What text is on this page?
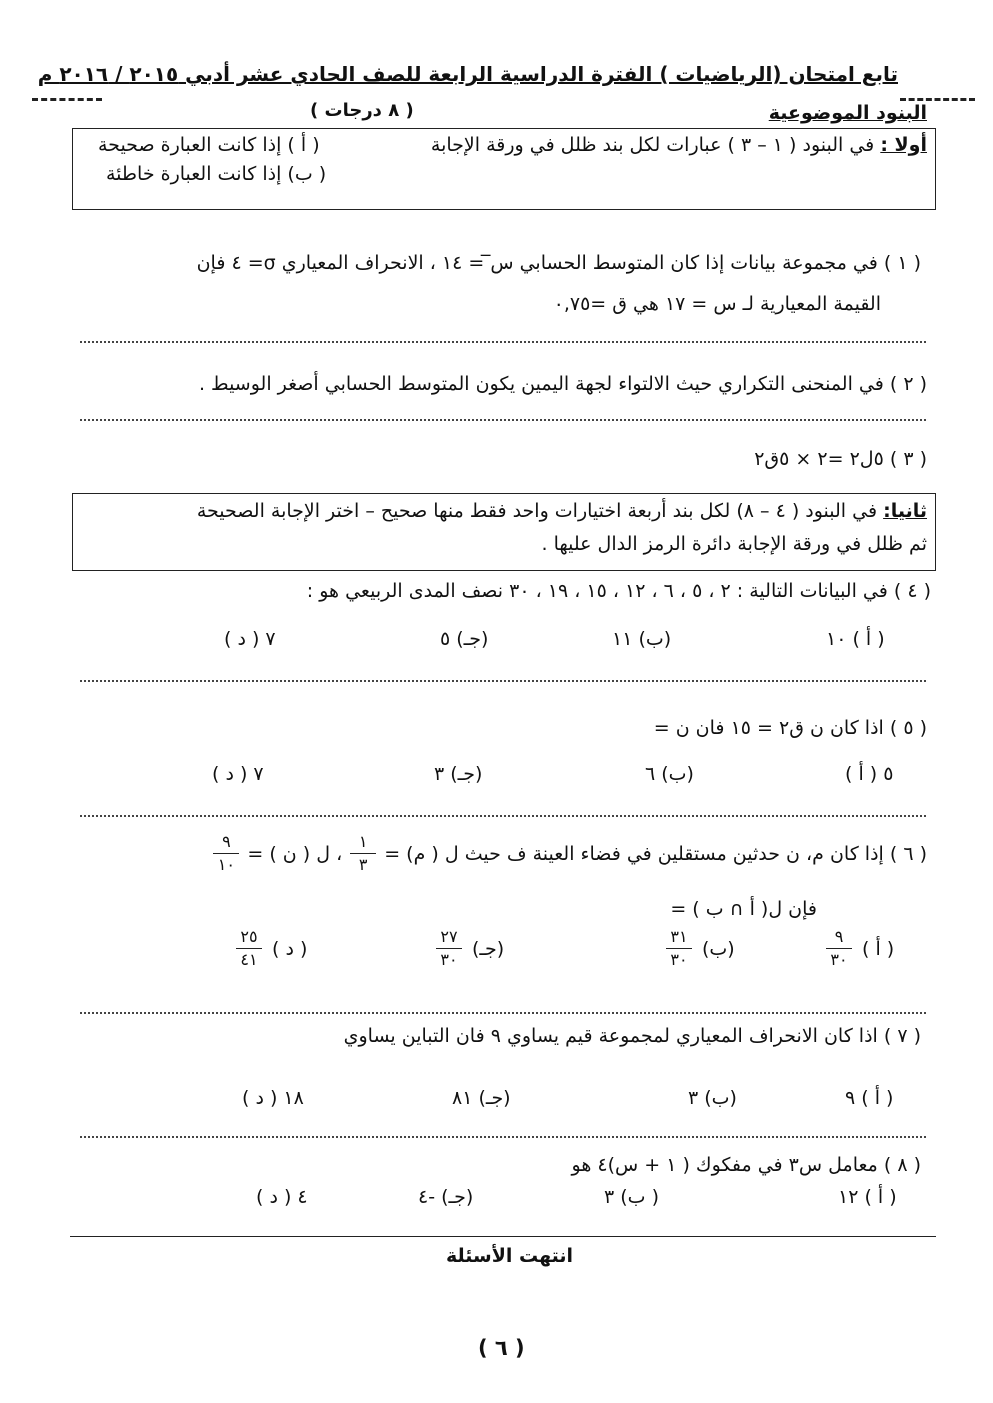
تابع امتحان (الرياضيات ) الفترة الدراسية الرابعة للصف الحادي عشر أدبي ٢٠١٥ / ٢٠١٦ م
البنود الموضوعية
( ٨ درجات )
أولا : في البنود ( ١ – ٣ ) عبارات لكل بند ظلل في ورقة الإجابة
( أ ) إذا كانت العبارة صحيحة
( ب) إذا كانت العبارة خاطئة
( ١ ) في مجموعة بيانات إذا كان المتوسط الحسابي س̅ = ١٤ ، الانحراف المعياري σ= ٤ فإن
القيمة المعيارية لـ س = ١٧ هي ق =٠,٧٥
( ٢ ) في المنحنى التكراري حيث الالتواء لجهة اليمين يكون المتوسط الحسابي أصغر الوسيط .
( ٣ ) ٥ل٢ =٢ × ٥ق٢
ثانيا: في البنود ( ٤ – ٨) لكل بند أربعة اختيارات واحد فقط منها صحيح – اختر الإجابة الصحيحة
ثم ظلل في ورقة الإجابة دائرة الرمز الدال عليها .
( ٤ ) في البيانات التالية : ٢ ، ٥ ، ٦ ، ١٢ ، ١٥ ، ١٩ ، ٣٠ نصف المدى الربيعي هو :
( أ ) ١٠
(ب) ١١
(جـ) ٥
٧ ( د )
( ٥ ) اذا كان ن ق٢ = ١٥ فان ن =
٥ ( أ )
(ب) ٦
(جـ) ٣
٧ ( د )
( ٦ ) إذا كان م، ن حدثين مستقلين في فضاء العينة ف حيث ل ( م) =
$\frac{١}{٣}$
، ل ( ن ) =
$\frac{٩}{١٠}$
فإن ل( أ ∩ ب ) =
( أ )
$\frac{٩}{٣٠}$
(ب)
$\frac{٣١}{٣٠}$
(جـ)
$\frac{٢٧}{٣٠}$
( د )
$\frac{٢٥}{٤١}$
( ٧ ) اذا كان الانحراف المعياري لمجموعة قيم يساوي ٩ فان التباين يساوي
( أ ) ٩
(ب) ٣
(جـ) ٨١
١٨ ( د )
( ٨ ) معامل س٣ في مفكوك ( ١ + س)٤ هو
( أ ) ١٢
( ب) ٣
(جـ) -٤
٤ ( د )
انتهت الأسئلة
( ٦ )
